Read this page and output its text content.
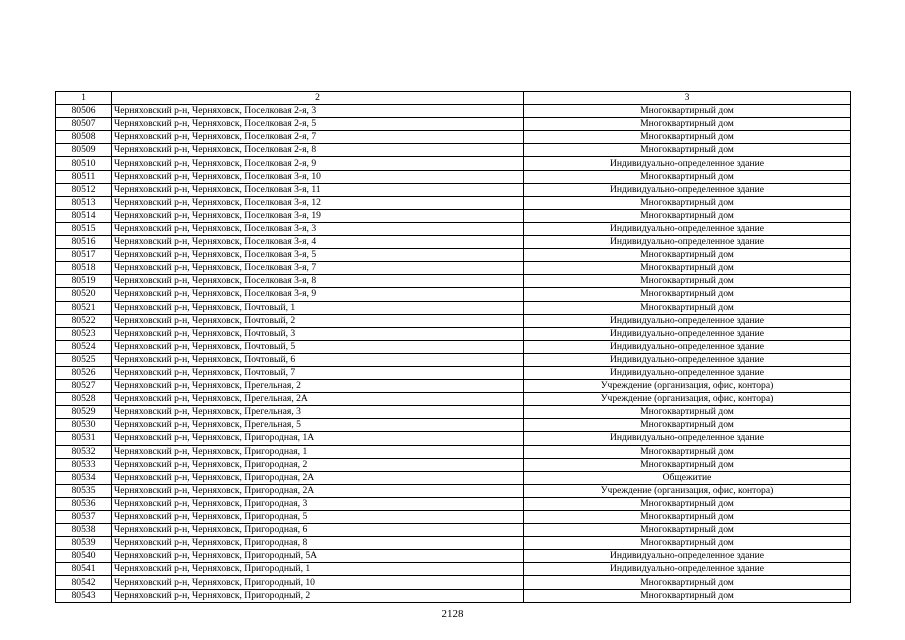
1	2	3
80506	Черняховский р-н, Черняховск, Поселковая 2-я, 3	Многоквартирный дом
80507	Черняховский р-н, Черняховск, Поселковая 2-я, 5	Многоквартирный дом
80508	Черняховский р-н, Черняховск, Поселковая 2-я, 7	Многоквартирный дом
80509	Черняховский р-н, Черняховск, Поселковая 2-я, 8	Многоквартирный дом
80510	Черняховский р-н, Черняховск, Поселковая 2-я, 9	Индивидуально-определенное здание
80511	Черняховский р-н, Черняховск, Поселковая 3-я, 10	Многоквартирный дом
80512	Черняховский р-н, Черняховск, Поселковая 3-я, 11	Индивидуально-определенное здание
80513	Черняховский р-н, Черняховск, Поселковая 3-я, 12	Многоквартирный дом
80514	Черняховский р-н, Черняховск, Поселковая 3-я, 19	Многоквартирный дом
80515	Черняховский р-н, Черняховск, Поселковая 3-я, 3	Индивидуально-определенное здание
80516	Черняховский р-н, Черняховск, Поселковая 3-я, 4	Индивидуально-определенное здание
80517	Черняховский р-н, Черняховск, Поселковая 3-я, 5	Многоквартирный дом
80518	Черняховский р-н, Черняховск, Поселковая 3-я, 7	Многоквартирный дом
80519	Черняховский р-н, Черняховск, Поселковая 3-я, 8	Многоквартирный дом
80520	Черняховский р-н, Черняховск, Поселковая 3-я, 9	Многоквартирный дом
80521	Черняховский р-н, Черняховск, Почтовый, 1	Многоквартирный дом
80522	Черняховский р-н, Черняховск, Почтовый, 2	Индивидуально-определенное здание
80523	Черняховский р-н, Черняховск, Почтовый, 3	Индивидуально-определенное здание
80524	Черняховский р-н, Черняховск, Почтовый, 5	Индивидуально-определенное здание
80525	Черняховский р-н, Черняховск, Почтовый, 6	Индивидуально-определенное здание
80526	Черняховский р-н, Черняховск, Почтовый, 7	Индивидуально-определенное здание
80527	Черняховский р-н, Черняховск, Прегельная, 2	Учреждение (организация, офис, контора)
80528	Черняховский р-н, Черняховск, Прегельная, 2А	Учреждение (организация, офис, контора)
80529	Черняховский р-н, Черняховск, Прегельная, 3	Многоквартирный дом
80530	Черняховский р-н, Черняховск, Прегельная, 5	Многоквартирный дом
80531	Черняховский р-н, Черняховск, Пригородная, 1А	Индивидуально-определенное здание
80532	Черняховский р-н, Черняховск, Пригородная, 1	Многоквартирный дом
80533	Черняховский р-н, Черняховск, Пригородная, 2	Многоквартирный дом
80534	Черняховский р-н, Черняховск, Пригородная, 2А	Общежитие
80535	Черняховский р-н, Черняховск, Пригородная, 2А	Учреждение (организация, офис, контора)
80536	Черняховский р-н, Черняховск, Пригородная, 3	Многоквартирный дом
80537	Черняховский р-н, Черняховск, Пригородная, 5	Многоквартирный дом
80538	Черняховский р-н, Черняховск, Пригородная, 6	Многоквартирный дом
80539	Черняховский р-н, Черняховск, Пригородная, 8	Многоквартирный дом
80540	Черняховский р-н, Черняховск, Пригородный, 5А	Индивидуально-определенное здание
80541	Черняховский р-н, Черняховск, Пригородный, 1	Индивидуально-определенное здание
80542	Черняховский р-н, Черняховск, Пригородный, 10	Многоквартирный дом
80543	Черняховский р-н, Черняховск, Пригородный, 2	Многоквартирный дом
2128
